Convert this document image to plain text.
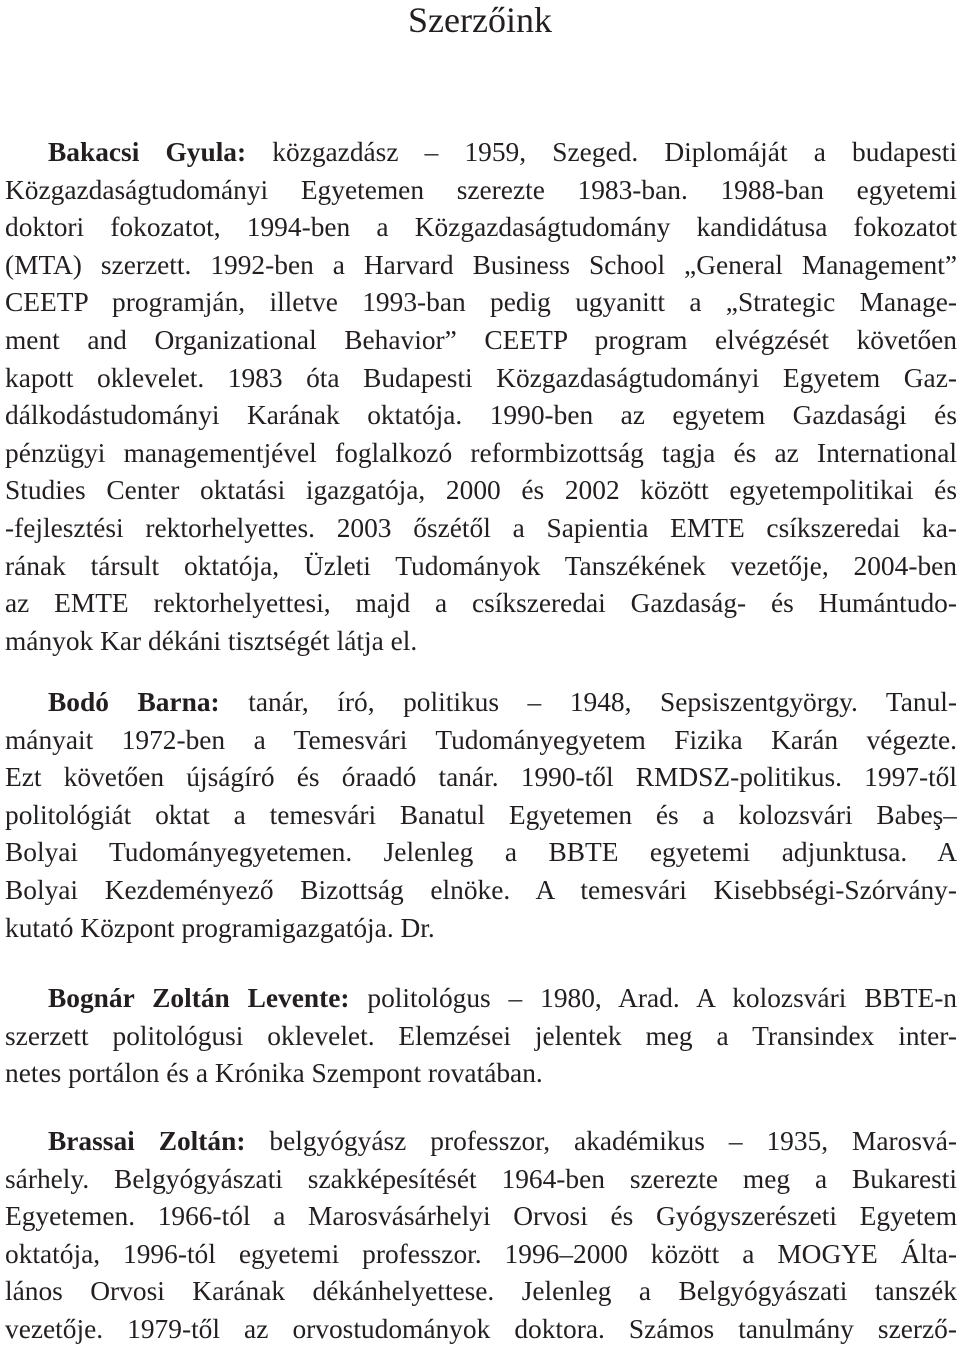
Szerzőink
Bakacsi Gyula: közgazdász – 1959, Szeged. Diplomáját a budapesti
Közgazdaságtudományi Egyetemen szerezte 1983-ban. 1988-ban egyetemi
doktori fokozatot, 1994-ben a Közgazdaságtudomány kandidátusa fokozatot
(MTA) szerzett. 1992-ben a Harvard Business School „General Management”
CEETP programján, illetve 1993-ban pedig ugyanitt a „Strategic Manage-
ment and Organizational Behavior” CEETP program elvégzését követően
kapott oklevelet. 1983 óta Budapesti Közgazdaságtudományi Egyetem Gaz-
dálkodástudományi Karának oktatója. 1990-ben az egyetem Gazdasági és
pénzügyi managementjével foglalkozó reformbizottság tagja és az International
Studies Center oktatási igazgatója, 2000 és 2002 között egyetempolitikai és
-fejlesztési rektorhelyettes. 2003 őszétől a Sapientia EMTE csíkszeredai ka-
rának társult oktatója, Üzleti Tudományok Tanszékének vezetője, 2004-ben
az EMTE rektorhelyettesi, majd a csíkszeredai Gazdaság- és Humántudo-
mányok Kar dékáni tisztségét látja el.
Bodó Barna: tanár, író, politikus – 1948, Sepsiszentgyörgy. Tanul-
mányait 1972-ben a Temesvári Tudományegyetem Fizika Karán végezte.
Ezt követően újságíró és óraadó tanár. 1990-től RMDSZ-politikus. 1997-től
politológiát oktat a temesvári Banatul Egyetemen és a kolozsvári Babeş–
Bolyai Tudományegyetemen. Jelenleg a BBTE egyetemi adjunktusa. A
Bolyai Kezdeményező Bizottság elnöke. A temesvári Kisebbségi-Szórvány-
kutató Központ programigazgatója. Dr.
Bognár Zoltán Levente: politológus – 1980, Arad. A kolozsvári BBTE-n
szerzett politológusi oklevelet. Elemzései jelentek meg a Transindex inter-
netes portálon és a Krónika Szempont rovatában.
Brassai Zoltán: belgyógyász professzor, akadémikus – 1935, Marosvá-
sárhely. Belgyógyászati szakképesítését 1964-ben szerezte meg a Bukaresti
Egyetemen. 1966-tól a Marosvásárhelyi Orvosi és Gyógyszerészeti Egyetem
oktatója, 1996-tól egyetemi professzor. 1996–2000 között a MOGYE Álta-
lános Orvosi Karának dékánhelyettese. Jelenleg a Belgyógyászati tanszék
vezetője. 1979-től az orvostudományok doktora. Számos tanulmány szerző-
